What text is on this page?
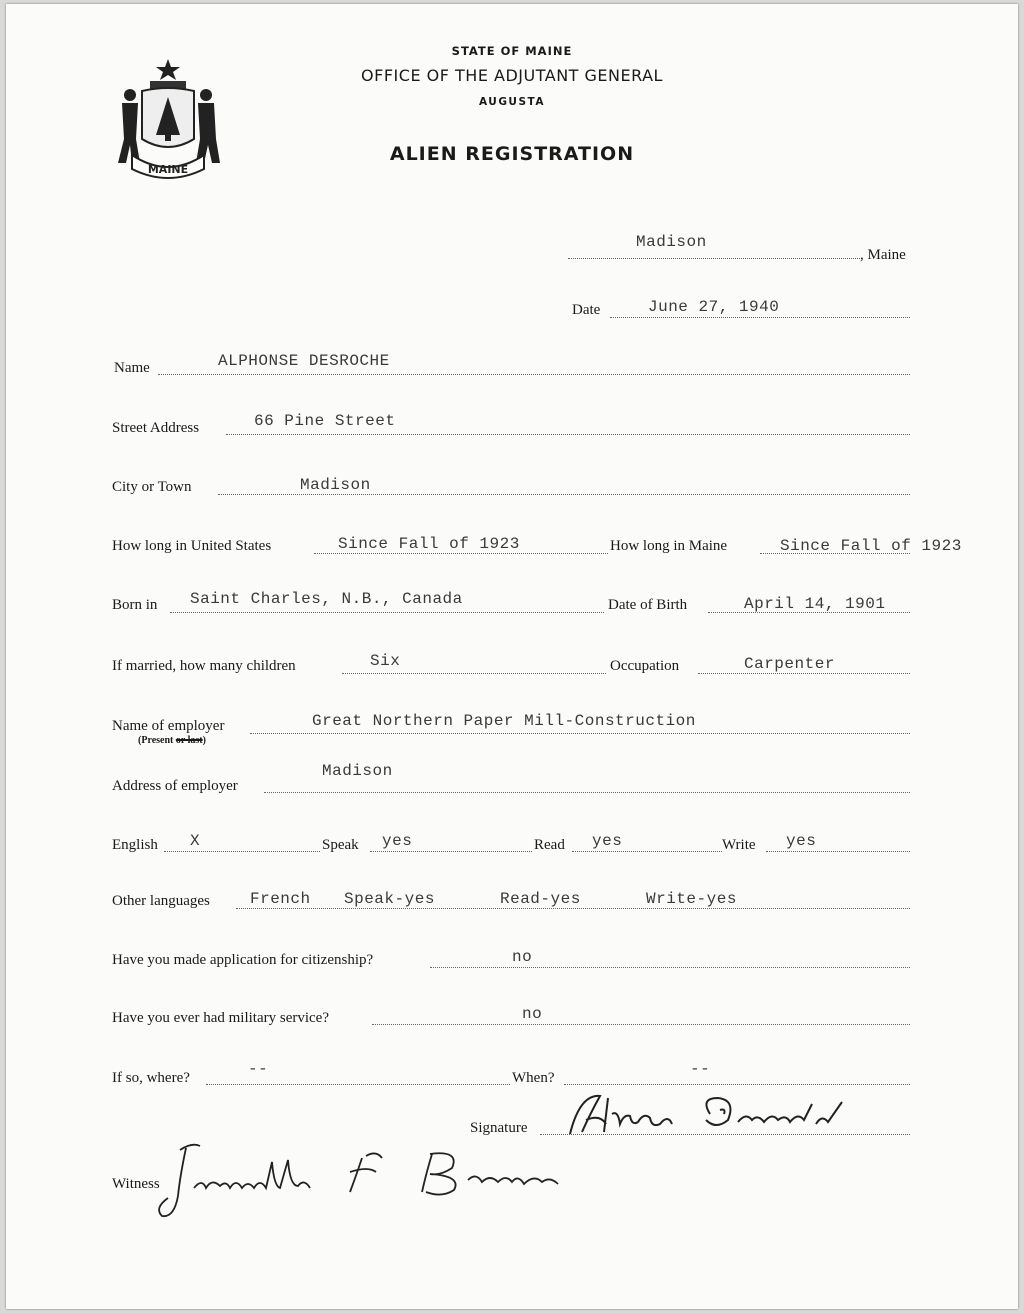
MAINE
STATE OF MAINE
OFFICE OF THE ADJUTANT GENERAL
AUGUSTA
ALIEN REGISTRATION
Madison
, Maine
Date	June 27, 1940
Name	ALPHONSE DESROCHE
Street Address	66 Pine Street
City or Town	Madison
How long in United States	Since Fall of 1923	How long in Maine	Since Fall of 1923
Born in Saint Charles, N.B., Canada	Date of Birth	April 14, 1901
If married, how many children	Six	Occupation	Carpenter
Name of employer
(Present or last)
Great Northern Paper Mill-Construction
Address of employer
Madison
English X	Speak yes	Read yes	Write yes
Other languages	French Speak-yes	Read-yes	Write-yes
Have you made application for citizenship?	no
Have you ever had military service?	no
If so, where?	--	When?	--
Signature
Witness
